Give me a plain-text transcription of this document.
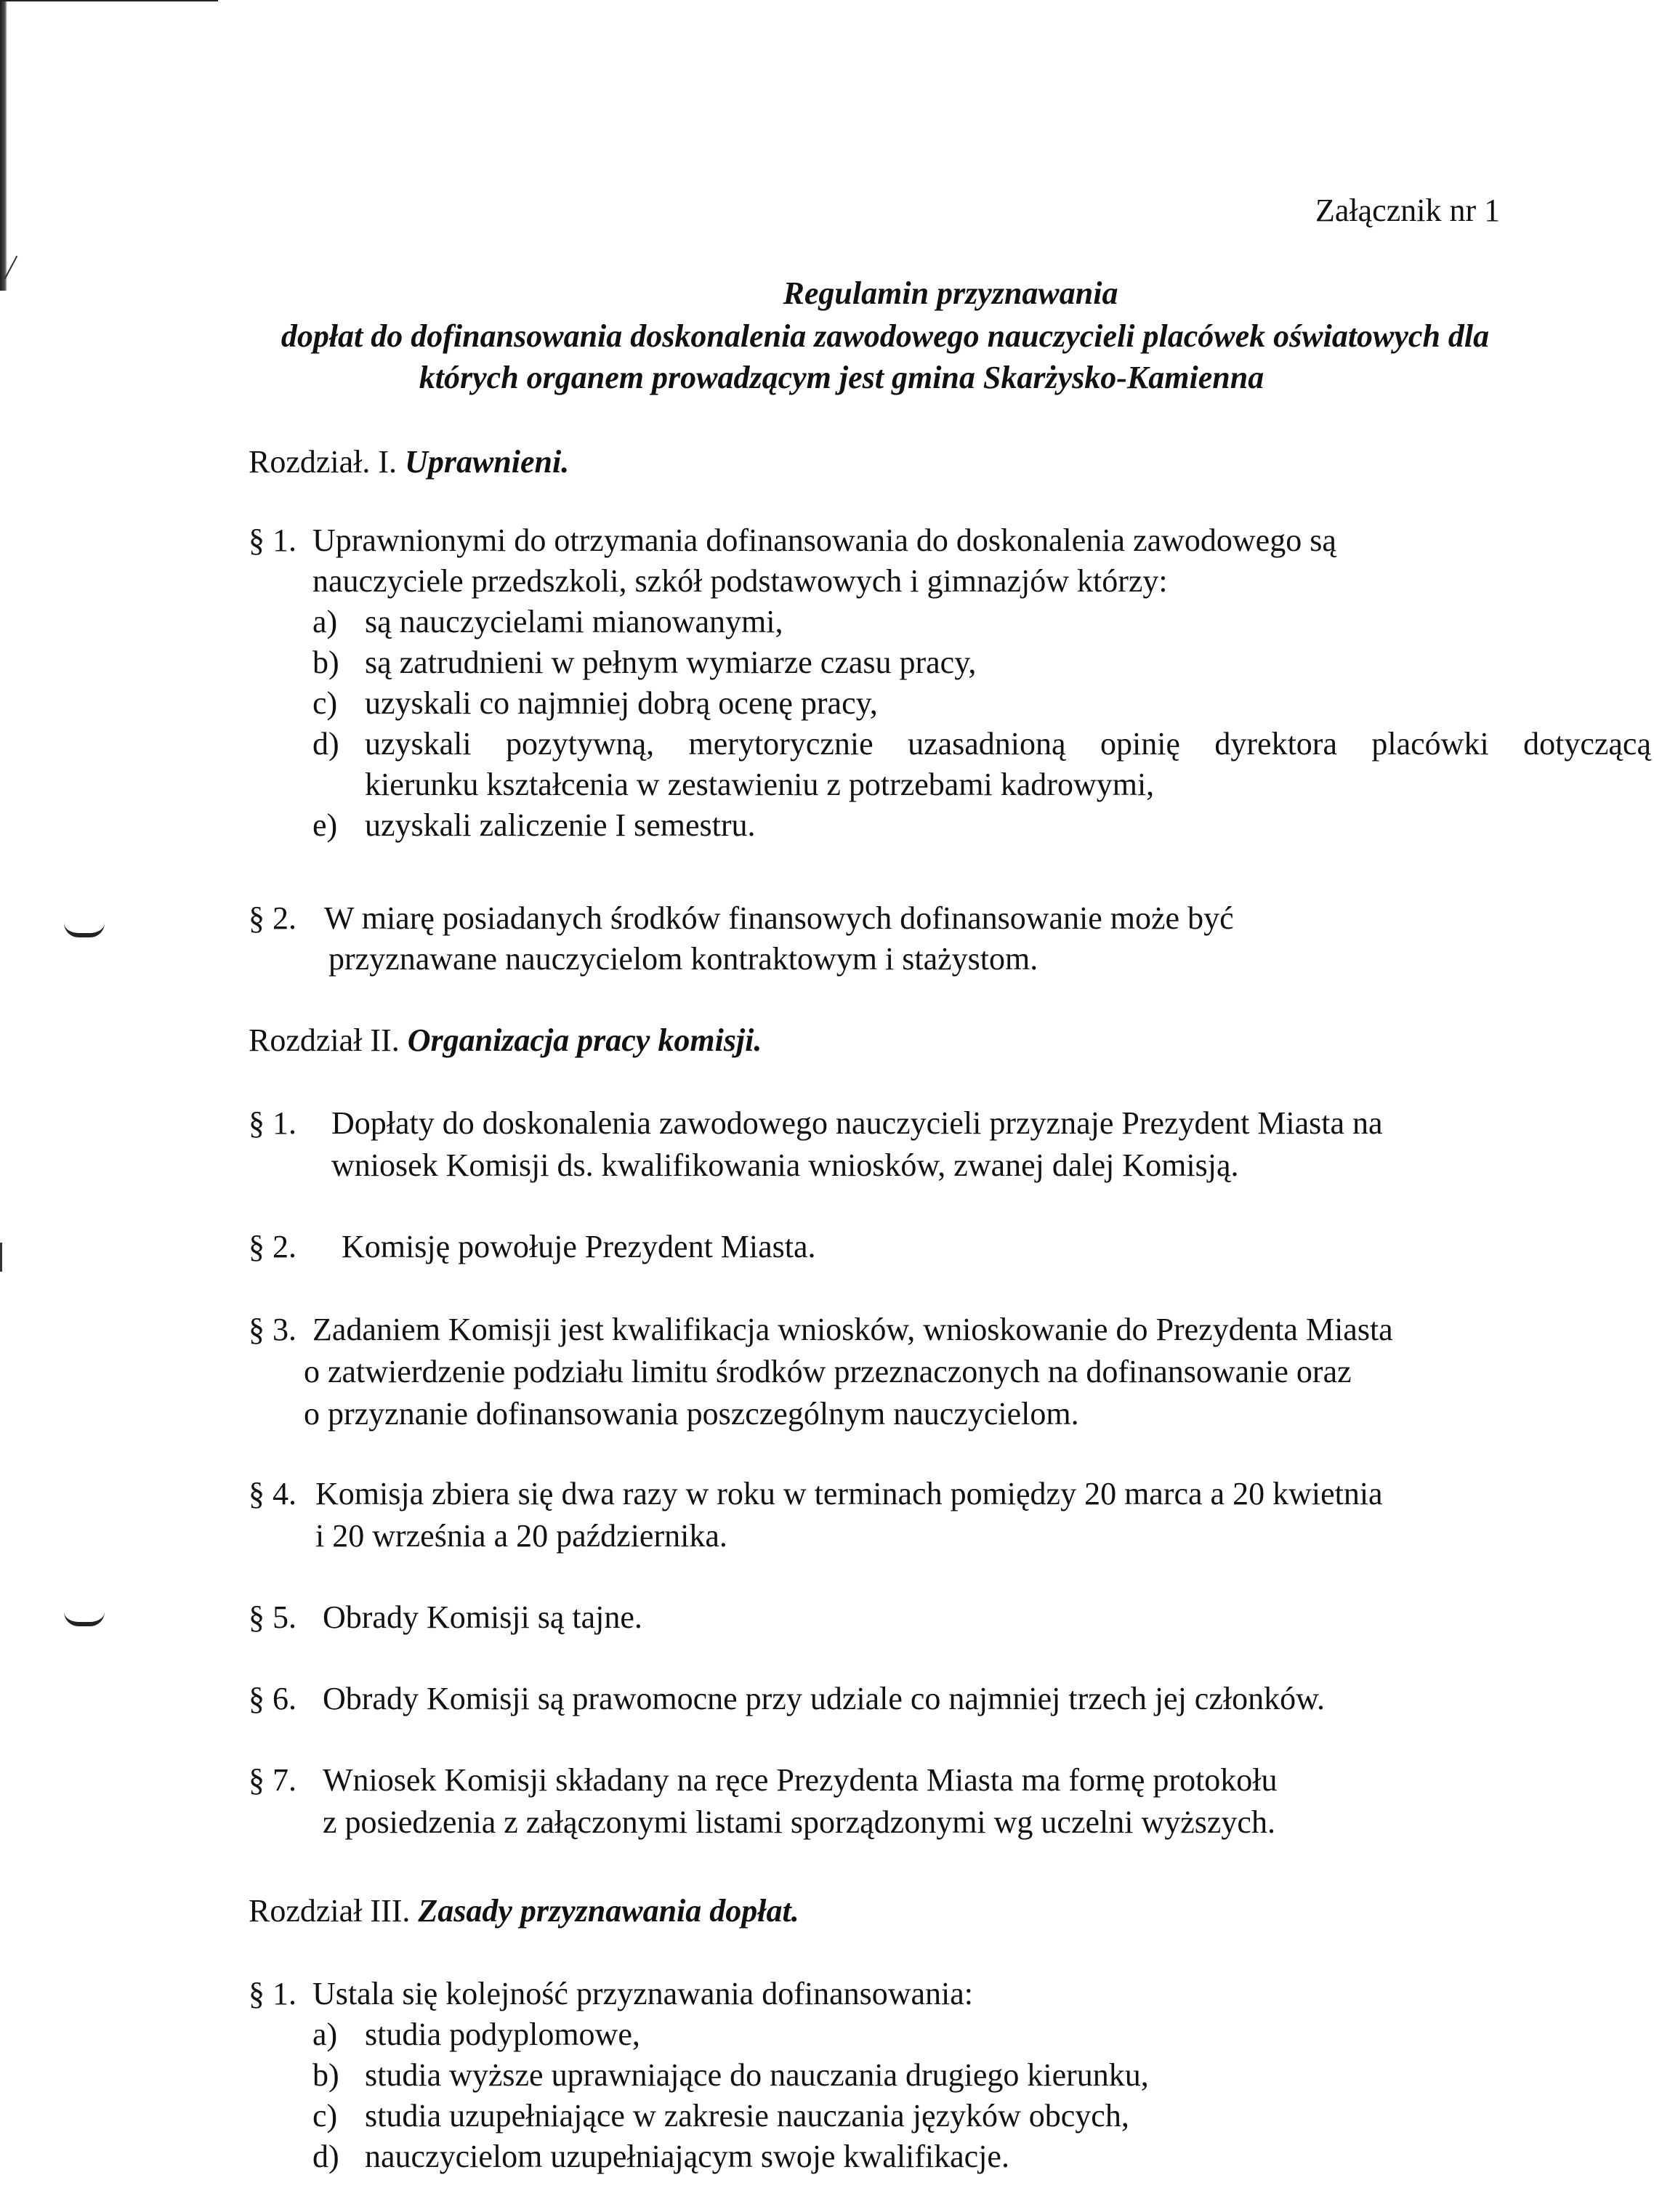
Załącznik nr 1
Regulamin przyznawania
dopłat do dofinansowania doskonalenia zawodowego nauczycieli placówek oświatowych dla
których organem prowadzącym jest gmina Skarżysko-Kamienna
Rozdział. I. Uprawnieni.
§ 1. Uprawnionymi do otrzymania dofinansowania do doskonalenia zawodowego są
nauczyciele przedszkoli, szkół podstawowych i gimnazjów którzy:
a) są nauczycielami mianowanymi,
b) są zatrudnieni w pełnym wymiarze czasu pracy,
c) uzyskali co najmniej dobrą ocenę pracy,
d) uzyskali pozytywną, merytorycznie uzasadnioną opinię dyrektora placówki dotyczącą
kierunku kształcenia w zestawieniu z potrzebami kadrowymi,
e) uzyskali zaliczenie I semestru.
§ 2. W miarę posiadanych środków finansowych dofinansowanie może być
przyznawane nauczycielom kontraktowym i stażystom.
Rozdział II. Organizacja pracy komisji.
§ 1. Dopłaty do doskonalenia zawodowego nauczycieli przyznaje Prezydent Miasta na
wniosek Komisji ds. kwalifikowania wniosków, zwanej dalej Komisją.
§ 2. Komisję powołuje Prezydent Miasta.
§ 3. Zadaniem Komisji jest kwalifikacja wniosków, wnioskowanie do Prezydenta Miasta
o zatwierdzenie podziału limitu środków przeznaczonych na dofinansowanie oraz
o przyznanie dofinansowania poszczególnym nauczycielom.
§ 4. Komisja zbiera się dwa razy w roku w terminach pomiędzy 20 marca a 20 kwietnia
i 20 września a 20 października.
§ 5. Obrady Komisji są tajne.
§ 6. Obrady Komisji są prawomocne przy udziale co najmniej trzech jej członków.
§ 7. Wniosek Komisji składany na ręce Prezydenta Miasta ma formę protokołu
z posiedzenia z załączonymi listami sporządzonymi wg uczelni wyższych.
Rozdział III. Zasady przyznawania dopłat.
§ 1. Ustala się kolejność przyznawania dofinansowania:
a) studia podyplomowe,
b) studia wyższe uprawniające do nauczania drugiego kierunku,
c) studia uzupełniające w zakresie nauczania języków obcych,
d) nauczycielom uzupełniającym swoje kwalifikacje.
